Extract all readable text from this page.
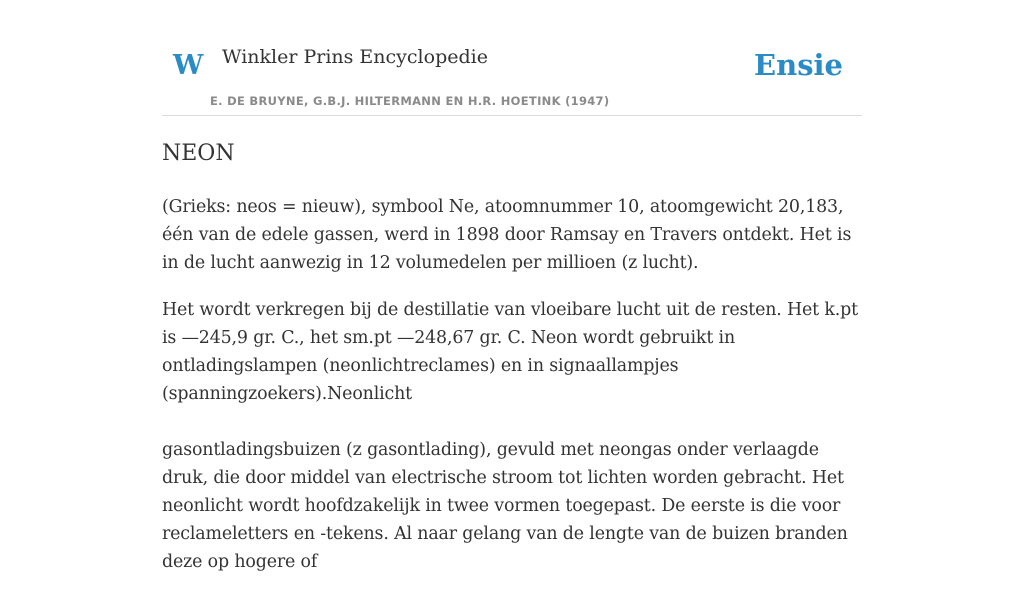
W Winkler Prins Encyclopedie
E. DE BRUYNE, G.B.J. HILTERMANN EN H.R. HOETINK (1947)
Ensie
NEON

(Grieks: neos = nieuw), symbool Ne, atoomnummer 10, atoomgewicht 20,183, één van de edele gassen, werd in 1898 door Ramsay en Travers ontdekt. Het is in de lucht aanwezig in 12 volumedelen per millioen (z lucht).

Het wordt verkregen bij de destillatie van vloeibare lucht uit de resten. Het k.pt is —245,9 gr. C., het sm.pt —248,67 gr. C. Neon wordt gebruikt in ontladingslampen (neonlichtreclames) en in signaallampjes (spanningzoekers).Neonlicht

gasontladingsbuizen (z gasontlading), gevuld met neongas onder verlaagde druk, die door middel van electrische stroom tot lichten worden gebracht. Het neonlicht wordt hoofdzakelijk in twee vormen toegepast. De eerste is die voor reclameletters en -tekens. Al naar gelang van de lengte van de buizen branden deze op hogere of
